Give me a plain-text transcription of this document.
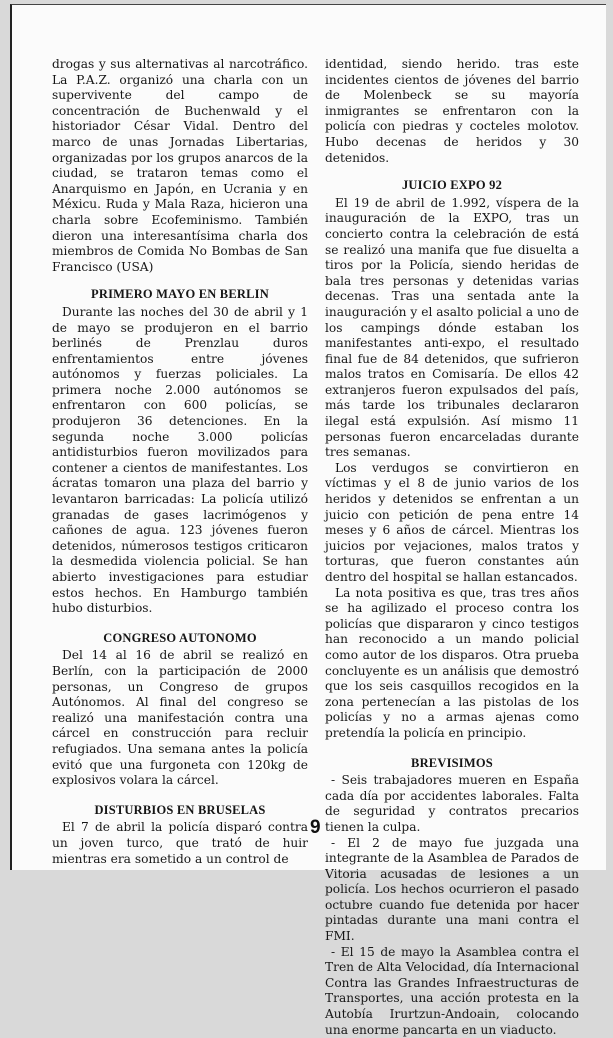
drogas y sus alternativas al narcotráfico. La P.A.Z. organizó una charla con un supervivente del campo de concentración de Buchenwald y el historiador César Vidal. Dentro del marco de unas Jornadas Libertarias, organizadas por los grupos anarcos de la ciudad, se trataron temas como el Anarquismo en Japón, en Ucrania y en Méxicu. Ruda y Mala Raza, hicieron una charla sobre Ecofeminismo. También dieron una interesantísima charla dos miembros de Comida No Bombas de San Francisco (USA)

PRIMERO MAYO EN BERLIN

Durante las noches del 30 de abril y 1 de mayo se produjeron en el barrio berlinés de Prenzlau duros enfrentamientos entre jóvenes autónomos y fuerzas policiales. La primera noche 2.000 autónomos se enfrentaron con 600 policías, se produjeron 36 detenciones. En la segunda noche 3.000 policías antidisturbios fueron movilizados para contener a cientos de manifestantes. Los ácratas tomaron una plaza del barrio y levantaron barricadas: La policía utilizó granadas de gases lacrimógenos y cañones de agua. 123 jóvenes fueron detenidos, númerosos testigos criticaron la desmedida violencia policial. Se han abierto investigaciones para estudiar estos hechos. En Hamburgo también hubo disturbios.

CONGRESO AUTONOMO

Del 14 al 16 de abril se realizó en Berlín, con la participación de 2000 personas, un Congreso de grupos Autónomos. Al final del congreso se realizó una manifestación contra una cárcel en construcción para recluir refugiados. Una semana antes la policía evitó que una furgoneta con 120kg de explosivos volara la cárcel.

DISTURBIOS EN BRUSELAS

El 7 de abril la policía disparó contra un joven turco, que trató de huir mientras era sometido a un control de

identidad, siendo herido. tras este incidentes cientos de jóvenes del barrio de Molenbeck se su mayoría inmigrantes se enfrentaron con la policía con piedras y cocteles molotov. Hubo decenas de heridos y 30 detenidos.

JUICIO EXPO 92

El 19 de abril de 1.992, víspera de la inauguración de la EXPO, tras un concierto contra la celebración de está se realizó una manifa que fue disuelta a tiros por la Policía, siendo heridas de bala tres personas y detenidas varias decenas. Tras una sentada ante la inauguración y el asalto policial a uno de los campings dónde estaban los manifestantes anti-expo, el resultado final fue de 84 detenidos, que sufrieron malos tratos en Comisaría. De ellos 42 extranjeros fueron expulsados del país, más tarde los tribunales declararon ilegal está expulsión. Así mismo 11 personas fueron encarceladas durante tres semanas.

Los verdugos se convirtieron en víctimas y el 8 de junio varios de los heridos y detenidos se enfrentan a un juicio con petición de pena entre 14 meses y 6 años de cárcel. Mientras los juicios por vejaciones, malos tratos y torturas, que fueron constantes aún dentro del hospital se hallan estancados.

La nota positiva es que, tras tres años se ha agilizado el proceso contra los policías que dispararon y cinco testigos han reconocido a un mando policial como autor de los disparos. Otra prueba concluyente es un análisis que demostró que los seis casquillos recogidos en la zona pertenecían a las pistolas de los policías y no a armas ajenas como pretendía la policía en principio.

BREVISIMOS

- Seis trabajadores mueren en España cada día por accidentes laborales. Falta de seguridad y contratos precarios tienen la culpa.

- El 2 de mayo fue juzgada una integrante de la Asamblea de Parados de Vitoria acusadas de lesiones a un policía. Los hechos ocurrieron el pasado octubre cuando fue detenida por hacer pintadas durante una mani contra el FMI.

- El 15 de mayo la Asamblea contra el Tren de Alta Velocidad, día Internacional Contra las Grandes Infraestructuras de Transportes, una acción protesta en la Autobía Irurtzun-Andoain, colocando una enorme pancarta en un viaducto.

9
